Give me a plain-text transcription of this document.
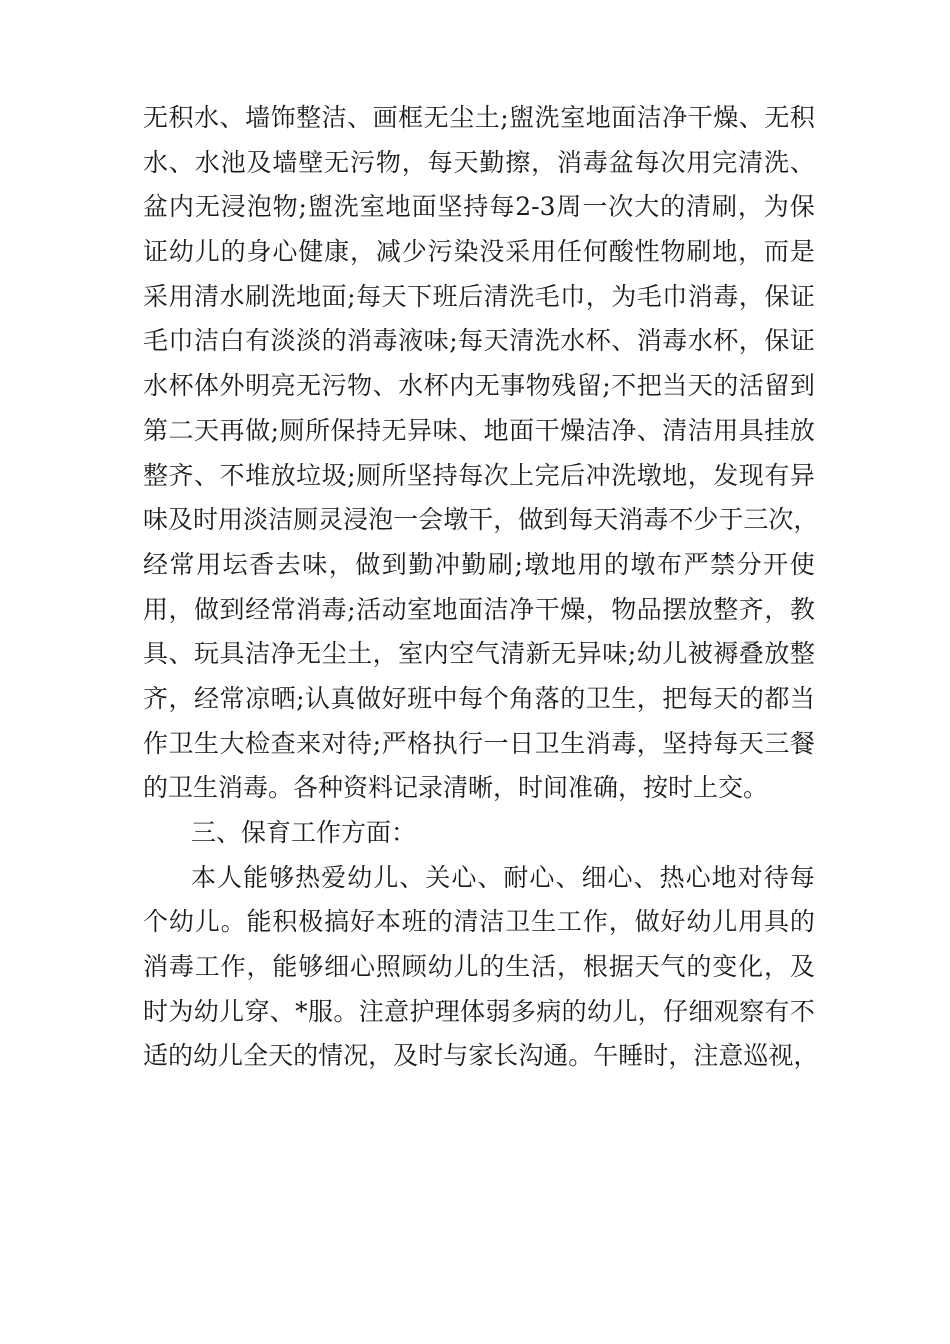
无 积 水 、 墙 饰 整 洁 、 画 框 无 尘 土 ; 盥 洗 室 地 面 洁 净 干 燥 、 无 积
水 、 水 池 及 墙 壁 无 污 物 ， 每 天 勤 擦 ， 消 毒 盆 每 次 用 完 清 洗 、
盆 内 无 浸 泡 物 ; 盥 洗 室 地 面 坚 持 每 2-3 周 一 次 大 的 清 刷 ， 为 保
证 幼 儿 的 身 心 健 康 ， 减 少 污 染 没 采 用 任 何 酸 性 物 刷 地 ， 而 是
采 用 清 水 刷 洗 地 面 ; 每 天 下 班 后 清 洗 毛 巾 ， 为 毛 巾 消 毒 ， 保 证
毛 巾 洁 白 有 淡 淡 的 消 毒 液 味 ; 每 天 清 洗 水 杯 、 消 毒 水 杯 ， 保 证
水 杯 体 外 明 亮 无 污 物 、 水 杯 内 无 事 物 残 留 ; 不 把 当 天 的 活 留 到
第 二 天 再 做 ; 厕 所 保 持 无 异 味 、 地 面 干 燥 洁 净 、 清 洁 用 具 挂 放
整 齐 、 不 堆 放 垃 圾 ; 厕 所 坚 持 每 次 上 完 后 冲 洗 墩 地 ， 发 现 有 异
味 及 时 用 淡 洁 厕 灵 浸 泡 一 会 墩 干 ， 做 到 每 天 消 毒 不 少 于 三 次 ，
经 常 用 坛 香 去 味 ， 做 到 勤 冲 勤 刷 ; 墩 地 用 的 墩 布 严 禁 分 开 使
用 ， 做 到 经 常 消 毒 ; 活 动 室 地 面 洁 净 干 燥 ， 物 品 摆 放 整 齐 ， 教
具 、 玩 具 洁 净 无 尘 土 ， 室 内 空 气 清 新 无 异 味 ; 幼 儿 被 褥 叠 放 整
齐 ， 经 常 凉 晒 ; 认 真 做 好 班 中 每 个 角 落 的 卫 生 ， 把 每 天 的 都 当
作 卫 生 大 检 查 来 对 待 ; 严 格 执 行 一 日 卫 生 消 毒 ， 坚 持 每 天 三 餐
的卫生消毒。各种资料记录清晰，时间准确，按时上交。
三、保育工作方面：
本 人 能 够 热 爱 幼 儿 、 关 心 、 耐 心 、 细 心 、 热 心 地 对 待 每
个 幼 儿 。 能 积 极 搞 好 本 班 的 清 洁 卫 生 工 作 ， 做 好 幼 儿 用 具 的
消 毒 工 作 ， 能 够 细 心 照 顾 幼 儿 的 生 活 ， 根 据 天 气 的 变 化 ， 及
时 为 幼 儿 穿 、 * 服 。 注 意 护 理 体 弱 多 病 的 幼 儿 ， 仔 细 观 察 有 不
适 的 幼 儿 全 天 的 情 况 ， 及 时 与 家 长 沟 通 。 午 睡 时 ， 注 意 巡 视 ，
